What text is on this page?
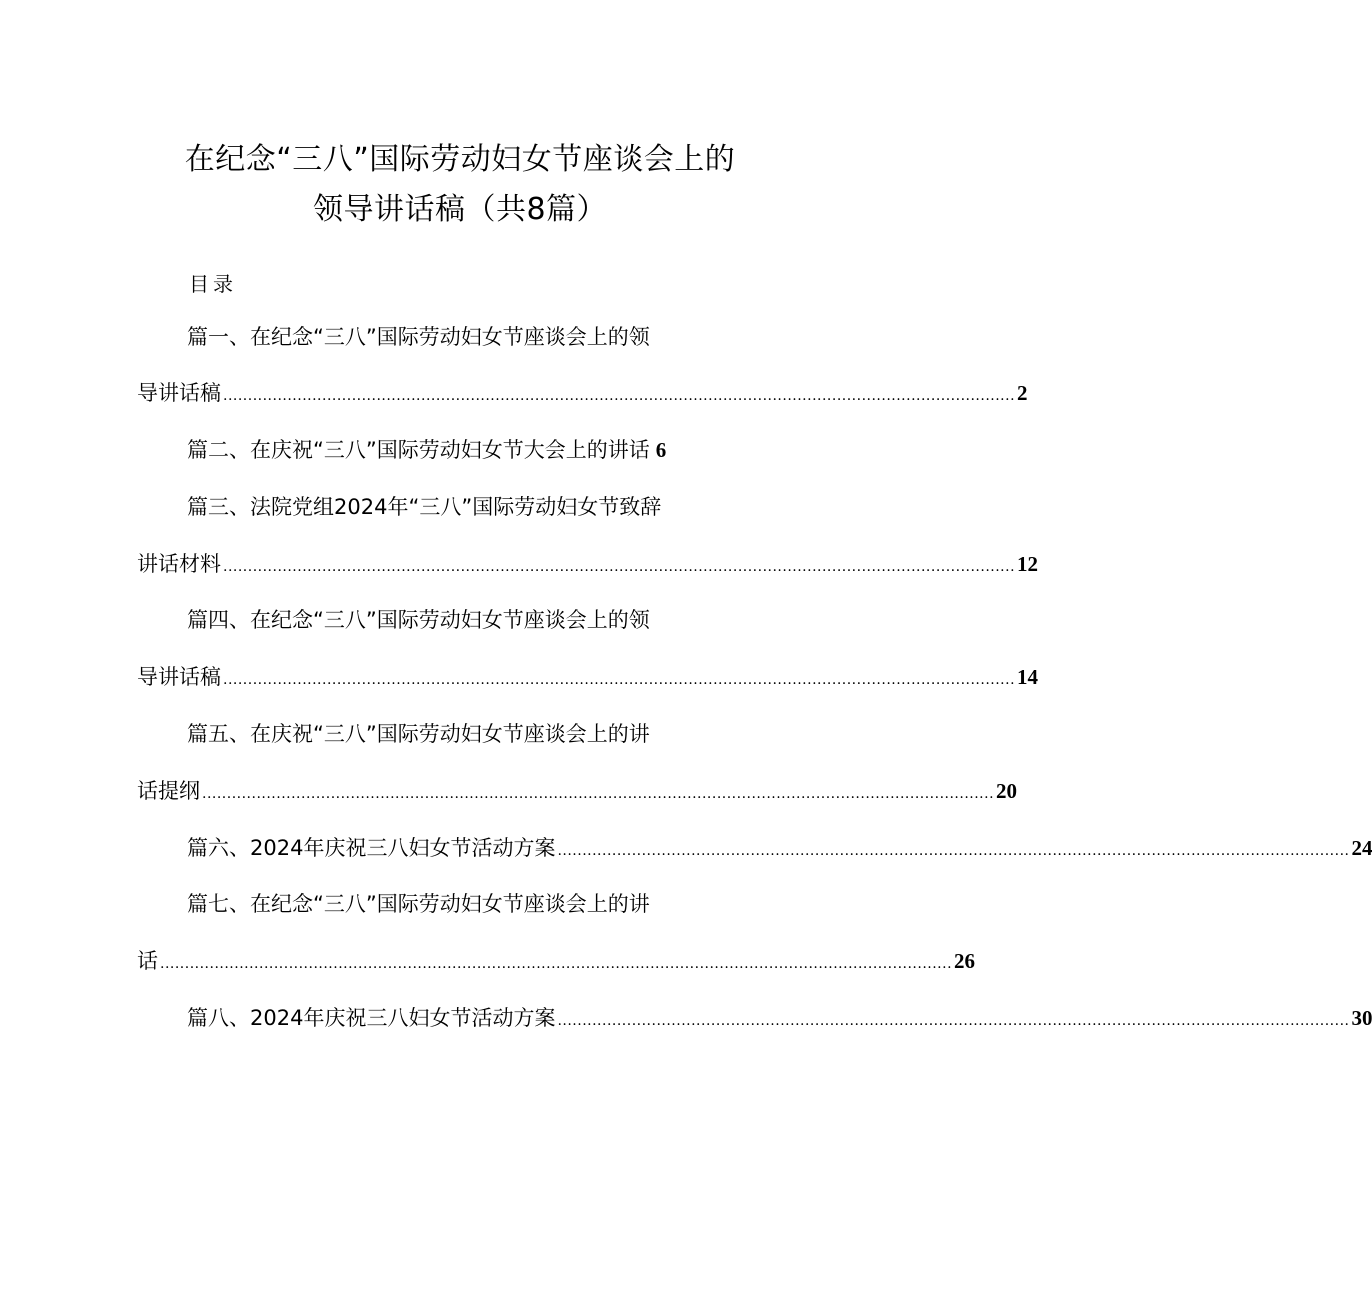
在纪念“三八”国际劳动妇女节座谈会上的
领导讲话稿（共8篇）
目录
篇一、在纪念“三八”国际劳动妇女节座谈会上的领
导讲话稿 ................................................................................................................................................................ 2
篇二、在庆祝“三八”国际劳动妇女节大会上的讲话 6
篇三、法院党组2024年“三八”国际劳动妇女节致辞
讲话材料 ................................................................................................................................................................ 12
篇四、在纪念“三八”国际劳动妇女节座谈会上的领
导讲话稿 ................................................................................................................................................................ 14
篇五、在庆祝“三八”国际劳动妇女节座谈会上的讲
话提纲 ................................................................................................................................................................ 20
篇六、2024年庆祝三八妇女节活动方案 ................................................................................................................................................................ 24
篇七、在纪念“三八”国际劳动妇女节座谈会上的讲
话 ................................................................................................................................................................ 26
篇八、2024年庆祝三八妇女节活动方案 ................................................................................................................................................................ 30
